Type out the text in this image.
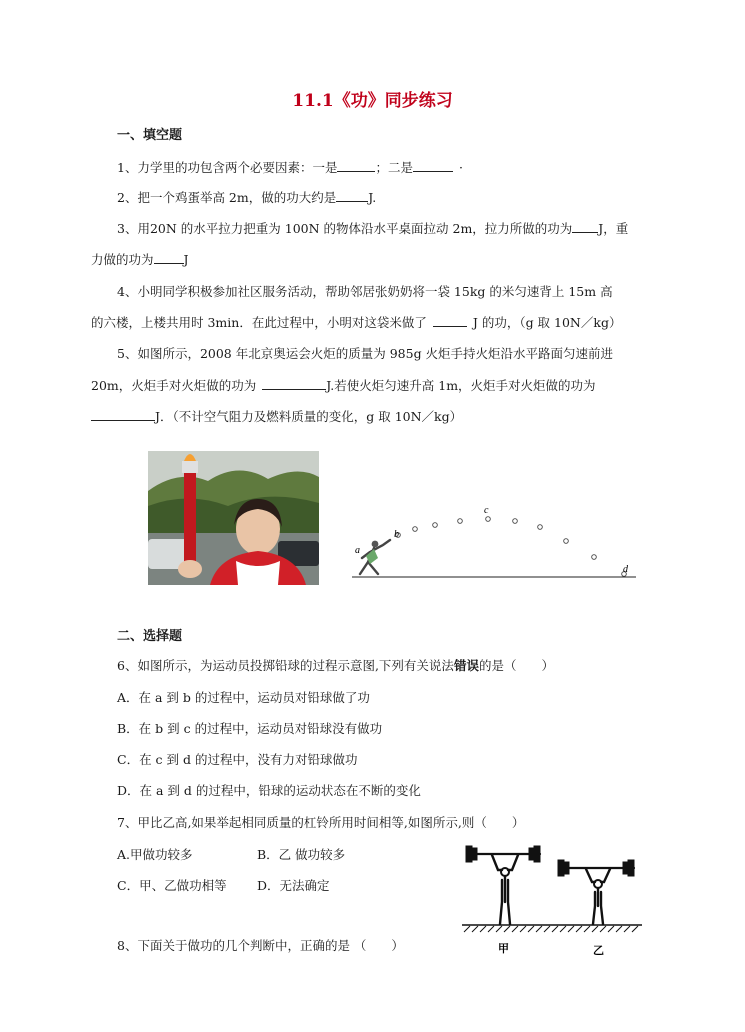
11.1《功》同步练习
一、填空题
1、力学里的功包含两个必要因素：一是	；二是	·
2、把一个鸡蛋举高 2m，做的功大约是	J.
3、用20N 的水平拉力把重为 100N 的物体沿水平桌面拉动 2m，拉力所做的功为 J，重
力做的功为 J
4、小明同学积极参加社区服务活动，帮助邻居张奶奶将一袋 15kg 的米匀速背上 15m 高
的六楼，上楼共用时 3min．在此过程中，小明对这袋米做了	J 的功，（g 取 10N／kg）
5、如图所示，2008 年北京奥运会火炬的质量为 985g 火炬手持火炬沿水平路面匀速前进
20m，火炬手对火炬做的功为	J.若使火炬匀速升高 1m，火炬手对火炬做的功为
J．（不计空气阻力及燃料质量的变化，g 取 10N／kg）
a
b
c
d
二、选择题
6、如图所示，为运动员投掷铅球的过程示意图,下列有关说法错误的是（　　）
A．在 a 到 b 的过程中，运动员对铅球做了功
B．在 b 到 c 的过程中，运动员对铅球没有做功
C．在 c 到 d 的过程中，没有力对铅球做功
D．在 a 到 d 的过程中，铅球的运动状态在不断的变化
7、甲比乙高,如果举起相同质量的杠铃所用时间相等,如图所示,则（　　）
A.甲做功较多	B．乙 做功较多
C．甲、乙做功相等 D．无法确定
甲	乙
8、下面关于做功的几个判断中，正确的是 （　　）
